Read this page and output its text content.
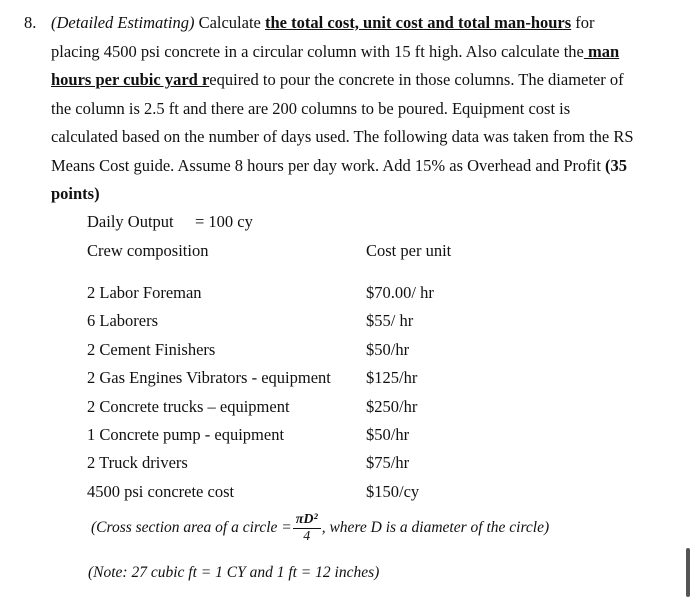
8. (Detailed Estimating) Calculate the total cost, unit cost and total man-hours for
placing 4500 psi concrete in a circular column with 15 ft high. Also calculate the man
hours per cubic yard required to pour the concrete in those columns. The diameter of
the column is 2.5 ft and there are 200 columns to be poured. Equipment cost is
calculated based on the number of days used. The following data was taken from the RS
Means Cost guide. Assume 8 hours per day work. Add 15% as Overhead and Profit (35
points)
Daily Output = 100 cy
Crew composition	Cost per unit
2 Labor Foreman	$70.00/ hr
6 Laborers	$55/ hr
2 Cement Finishers	$50/hr
2 Gas Engines Vibrators - equipment $125/hr
2 Concrete trucks – equipment	$250/hr
1 Concrete pump - equipment	$50/hr
2 Truck drivers	$75/hr
4500 psi concrete cost	$150/cy
(Cross section area of a circle = $\frac{\text{πD²}}{4}$ , where D is a diameter of the circle)
(Note: 27 cubic ft = 1 CY and 1 ft = 12 inches)
